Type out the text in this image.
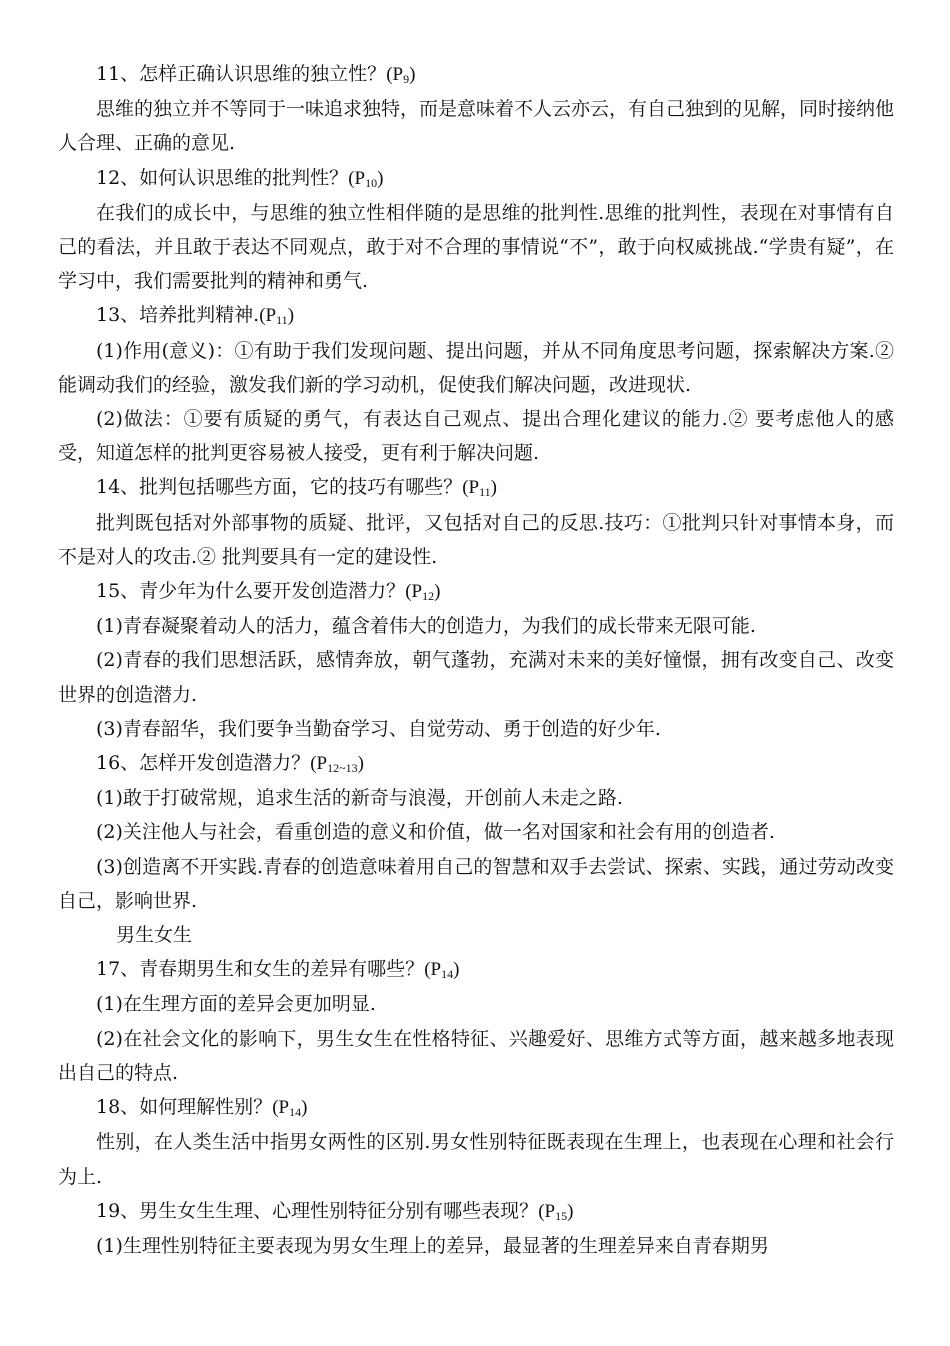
11、怎样正确认识思维的独立性？$(P_9)$

思维的独立并不等同于一味追求独特，而是意味着不人云亦云，有自己独到的见解，同时接纳他人合理、正确的意见.

12、如何认识思维的批判性？$(P_{10})$

在我们的成长中，与思维的独立性相伴随的是思维的批判性.思维的批判性，表现在对事情有自己的看法，并且敢于表达不同观点，敢于对不合理的事情说“不”，敢于向权威挑战.“学贵有疑”，在学习中，我们需要批判的精神和勇气.

13、培养批判精神$.(P_{11})$

(1)作用(意义)：①有助于我们发现问题、提出问题，并从不同角度思考问题，探索解决方案.② 能调动我们的经验，激发我们新的学习动机，促使我们解决问题，改进现状.

(2)做法：①要有质疑的勇气，有表达自己观点、提出合理化建议的能力.② 要考虑他人的感受，知道怎样的批判更容易被人接受，更有利于解决问题.

14、批判包括哪些方面，它的技巧有哪些？$(P_{11})$

批判既包括对外部事物的质疑、批评，又包括对自己的反思.技巧：①批判只针对事情本身，而不是对人的攻击.② 批判要具有一定的建设性.

15、青少年为什么要开发创造潜力？$(P_{12})$

(1)青春凝聚着动人的活力，蕴含着伟大的创造力，为我们的成长带来无限可能.

(2)青春的我们思想活跃，感情奔放，朝气蓬勃，充满对未来的美好憧憬，拥有改变自己、改变世界的创造潜力.

(3)青春韶华，我们要争当勤奋学习、自觉劳动、勇于创造的好少年.

16、怎样开发创造潜力？$(P_{12\sim 13})$

(1)敢于打破常规，追求生活的新奇与浪漫，开创前人未走之路.

(2)关注他人与社会，看重创造的意义和价值，做一名对国家和社会有用的创造者.

(3)创造离不开实践.青春的创造意味着用自己的智慧和双手去尝试、探索、实践，通过劳动改变自己，影响世界.

男生女生

17、青春期男生和女生的差异有哪些？$(P_{14})$

(1)在生理方面的差异会更加明显.

(2)在社会文化的影响下，男生女生在性格特征、兴趣爱好、思维方式等方面，越来越多地表现出自己的特点.

18、如何理解性别？$(P_{14})$

性别，在人类生活中指男女两性的区别.男女性别特征既表现在生理上，也表现在心理和社会行为上.

19、男生女生生理、心理性别特征分别有哪些表现？$(P_{15})$

(1)生理性别特征主要表现为男女生理上的差异，最显著的生理差异来自青春期男
